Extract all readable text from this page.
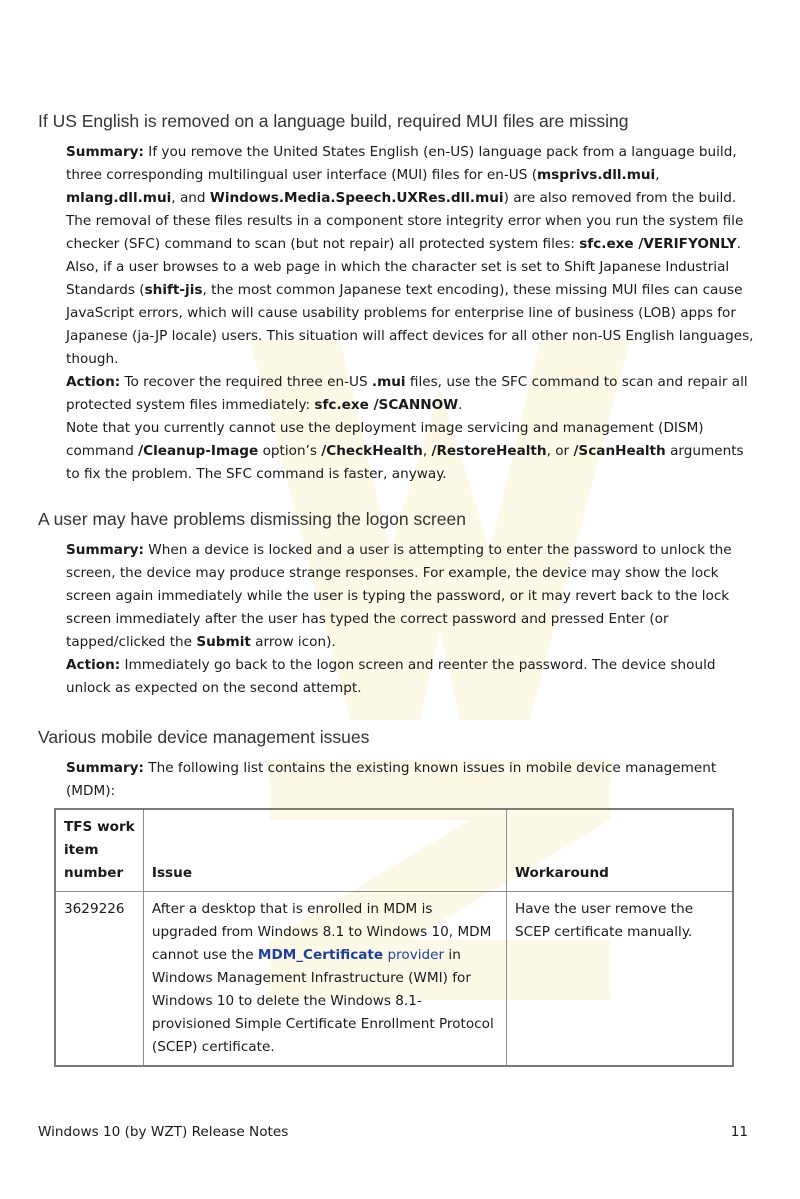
If US English is removed on a language build, required MUI files are missing

Summary: If you remove the United States English (en-US) language pack from a language build, three corresponding multilingual user interface (MUI) files for en-US (msprivs.dll.mui, mlang.dll.mui, and Windows.Media.Speech.UXRes.dll.mui) are also removed from the build. The removal of these files results in a component store integrity error when you run the system file checker (SFC) command to scan (but not repair) all protected system files: sfc.exe /VERIFYONLY.

Also, if a user browses to a web page in which the character set is set to Shift Japanese Industrial Standards (shift-jis, the most common Japanese text encoding), these missing MUI files can cause JavaScript errors, which will cause usability problems for enterprise line of business (LOB) apps for Japanese (ja-JP locale) users. This situation will affect devices for all other non-US English languages, though.

Action: To recover the required three en-US .mui files, use the SFC command to scan and repair all protected system files immediately: sfc.exe /SCANNOW.

Note that you currently cannot use the deployment image servicing and management (DISM) command /Cleanup-Image option’s /CheckHealth, /RestoreHealth, or /ScanHealth arguments to fix the problem. The SFC command is faster, anyway.

A user may have problems dismissing the logon screen

Summary: When a device is locked and a user is attempting to enter the password to unlock the screen, the device may produce strange responses. For example, the device may show the lock screen again immediately while the user is typing the password, or it may revert back to the lock screen immediately after the user has typed the correct password and pressed Enter (or tapped/clicked the Submit arrow icon).

Action: Immediately go back to the logon screen and reenter the password. The device should unlock as expected on the second attempt.

Various mobile device management issues

Summary: The following list contains the existing known issues in mobile device management (MDM):

TFS work item number	Issue	Workaround
3629226	After a desktop that is enrolled in MDM is upgraded from Windows 8.1 to Windows 10, MDM cannot use the MDM_Certificate provider in Windows Management Infrastructure (WMI) for Windows 10 to delete the Windows 8.1-provisioned Simple Certificate Enrollment Protocol (SCEP) certificate.	Have the user remove the SCEP certificate manually.
Windows 10 (by WZT) Release Notes	11
